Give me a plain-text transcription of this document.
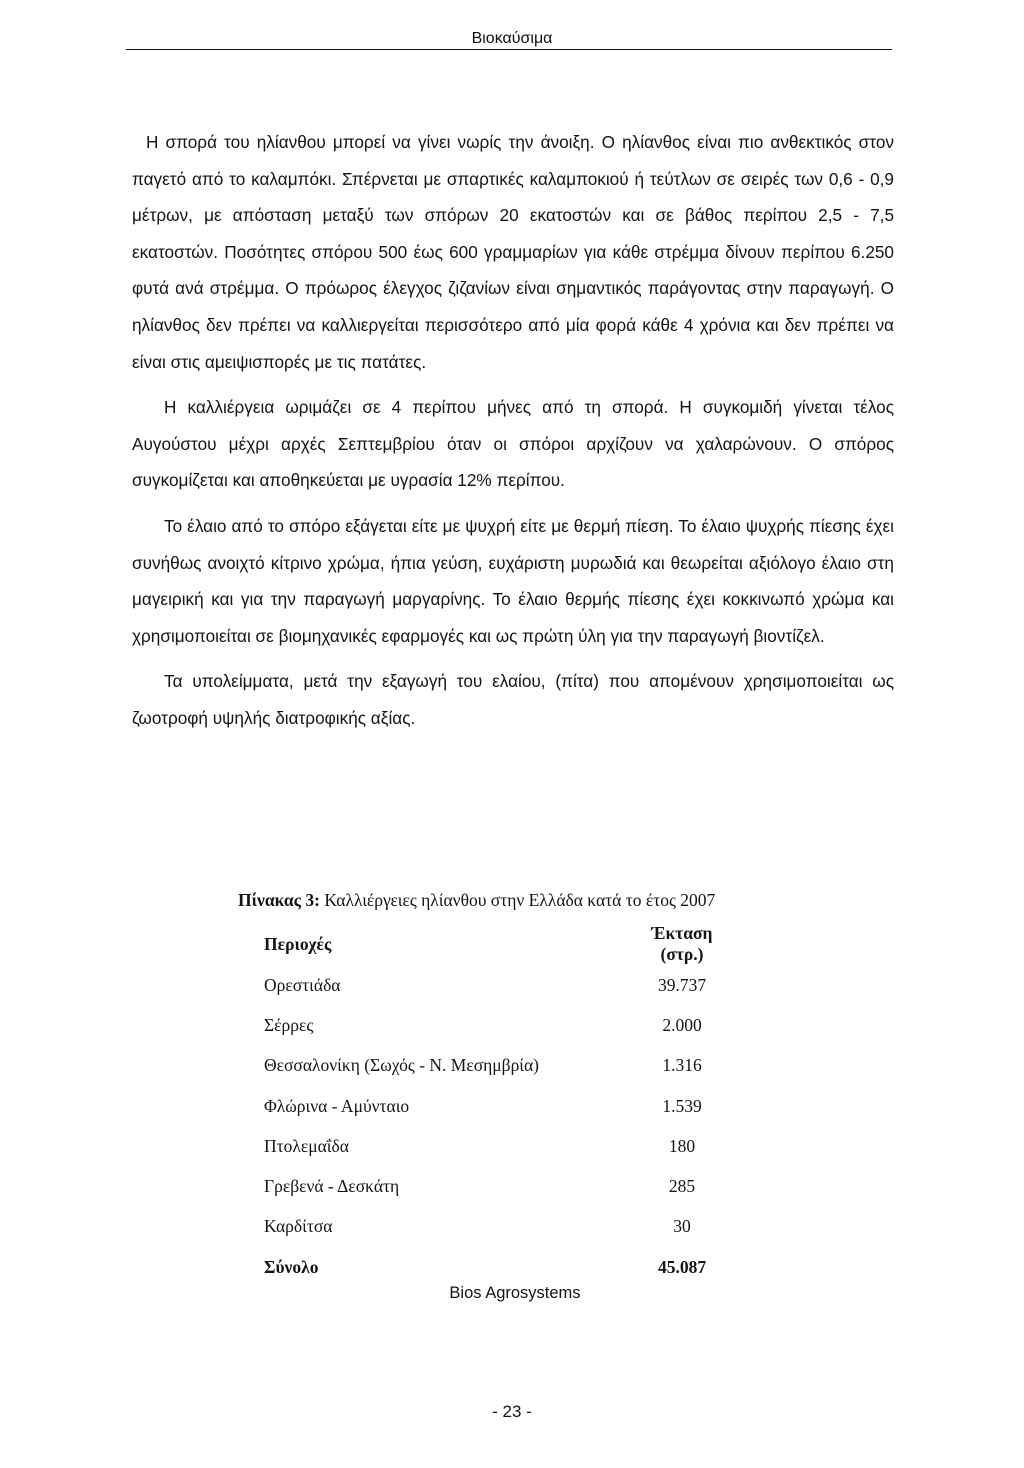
Βιοκαύσιμα

Η σπορά του ηλίανθου μπορεί να γίνει νωρίς την άνοιξη. Ο ηλίανθος είναι πιο ανθεκτικός στον παγετό από το καλαμπόκι. Σπέρνεται με σπαρτικές καλαμποκιού ή τεύτλων σε σειρές των 0,6 - 0,9 μέτρων, με απόσταση μεταξύ των σπόρων 20 εκατοστών και σε βάθος περίπου 2,5 - 7,5 εκατοστών. Ποσότητες σπόρου 500 έως 600 γραμμαρίων για κάθε στρέμμα δίνουν περίπου 6.250 φυτά ανά στρέμμα. Ο πρόωρος έλεγχος ζιζανίων είναι σημαντικός παράγοντας στην παραγωγή. Ο ηλίανθος δεν πρέπει να καλλιεργείται περισσότερο από μία φορά κάθε 4 χρόνια και δεν πρέπει να είναι στις αμειψισπορές με τις πατάτες.

Η καλλιέργεια ωριμάζει σε 4 περίπου μήνες από τη σπορά. Η συγκομιδή γίνεται τέλος Αυγούστου μέχρι αρχές Σεπτεμβρίου όταν οι σπόροι αρχίζουν να χαλαρώνουν. Ο σπόρος συγκομίζεται και αποθηκεύεται με υγρασία 12% περίπου.

Το έλαιο από το σπόρο εξάγεται είτε με ψυχρή είτε με θερμή πίεση. Το έλαιο ψυχρής πίεσης έχει συνήθως ανοιχτό κίτρινο χρώμα, ήπια γεύση, ευχάριστη μυρωδιά και θεωρείται αξιόλογο έλαιο στη μαγειρική και για την παραγωγή μαργαρίνης. Το έλαιο θερμής πίεσης έχει κοκκινωπό χρώμα και χρησιμοποιείται σε βιομηχανικές εφαρμογές και ως πρώτη ύλη για την παραγωγή βιοντίζελ.

Τα υπολείμματα, μετά την εξαγωγή του ελαίου, (πίτα) που απομένουν χρησιμοποιείται ως ζωοτροφή υψηλής διατροφικής αξίας.

Πίνακας 3: Καλλιέργειες ηλίανθου στην Ελλάδα κατά το έτος 2007
Περιοχές	Έκταση (στρ.)
Ορεστιάδα	39.737
Σέρρες	2.000
Θεσσαλονίκη (Σωχός - Ν. Μεσημβρία)	1.316
Φλώρινα - Αμύνταιο	1.539
Πτολεμαΐδα	180
Γρεβενά - Δεσκάτη	285
Καρδίτσα	30
Σύνολο	45.087
Bios Agrosystems
- 23 -
